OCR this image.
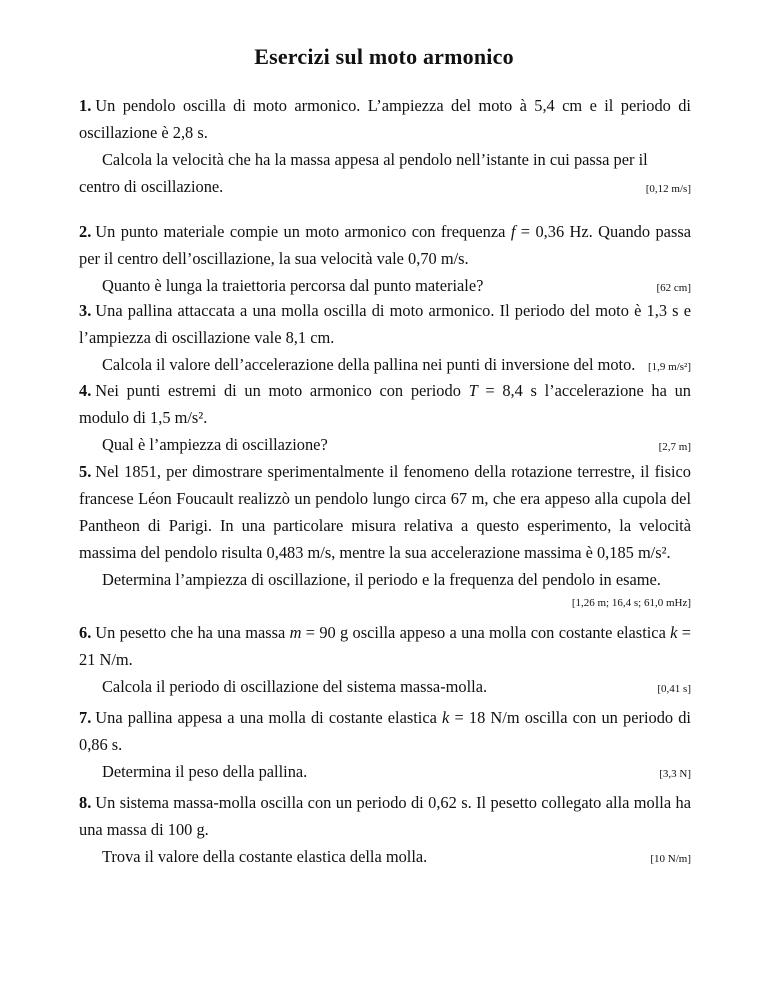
Esercizi sul moto armonico

1. Un pendolo oscilla di moto armonico. L’ampiezza del moto à 5,4 cm e il periodo di oscillazione è 2,8 s.

Calcola la velocità che ha la massa appesa al pendolo nell’istante in cui passa per il

centro di oscillazione.	[0,12 m/s]

2. Un punto materiale compie un moto armonico con frequenza f = 0,36 Hz. Quando passa per il centro dell’oscillazione, la sua velocità vale 0,70 m/s.

Quanto è lunga la traiettoria percorsa dal punto materiale?	[62 cm]

3. Una pallina attaccata a una molla oscilla di moto armonico. Il periodo del moto è 1,3 s e l’ampiezza di oscillazione vale 8,1 cm.

Calcola il valore dell’accelerazione della pallina nei punti di inversione del moto. [1,9 m/s²]

4. Nei punti estremi di un moto armonico con periodo T = 8,4 s l’accelerazione ha un modulo di 1,5 m/s².

Qual è l’ampiezza di oscillazione?	[2,7 m]

5. Nel 1851, per dimostrare sperimentalmente il fenomeno della rotazione terrestre, il fisico francese Léon Foucault realizzò un pendolo lungo circa 67 m, che era appeso alla cupola del Pantheon di Parigi. In una particolare misura relativa a questo esperimento, la velocità massima del pendolo risulta 0,483 m/s, mentre la sua accelerazione massima è 0,185 m/s².

Determina l’ampiezza di oscillazione, il periodo e la frequenza del pendolo in esame.

[1,26 m; 16,4 s; 61,0 mHz]

6. Un pesetto che ha una massa m = 90 g oscilla appeso a una molla con costante elastica k = 21 N/m.

Calcola il periodo di oscillazione del sistema massa-molla.	[0,41 s]

7. Una pallina appesa a una molla di costante elastica k = 18 N/m oscilla con un periodo di 0,86 s.

Determina il peso della pallina.	[3,3 N]

8. Un sistema massa-molla oscilla con un periodo di 0,62 s. Il pesetto collegato alla molla ha una massa di 100 g.

Trova il valore della costante elastica della molla.	[10 N/m]
